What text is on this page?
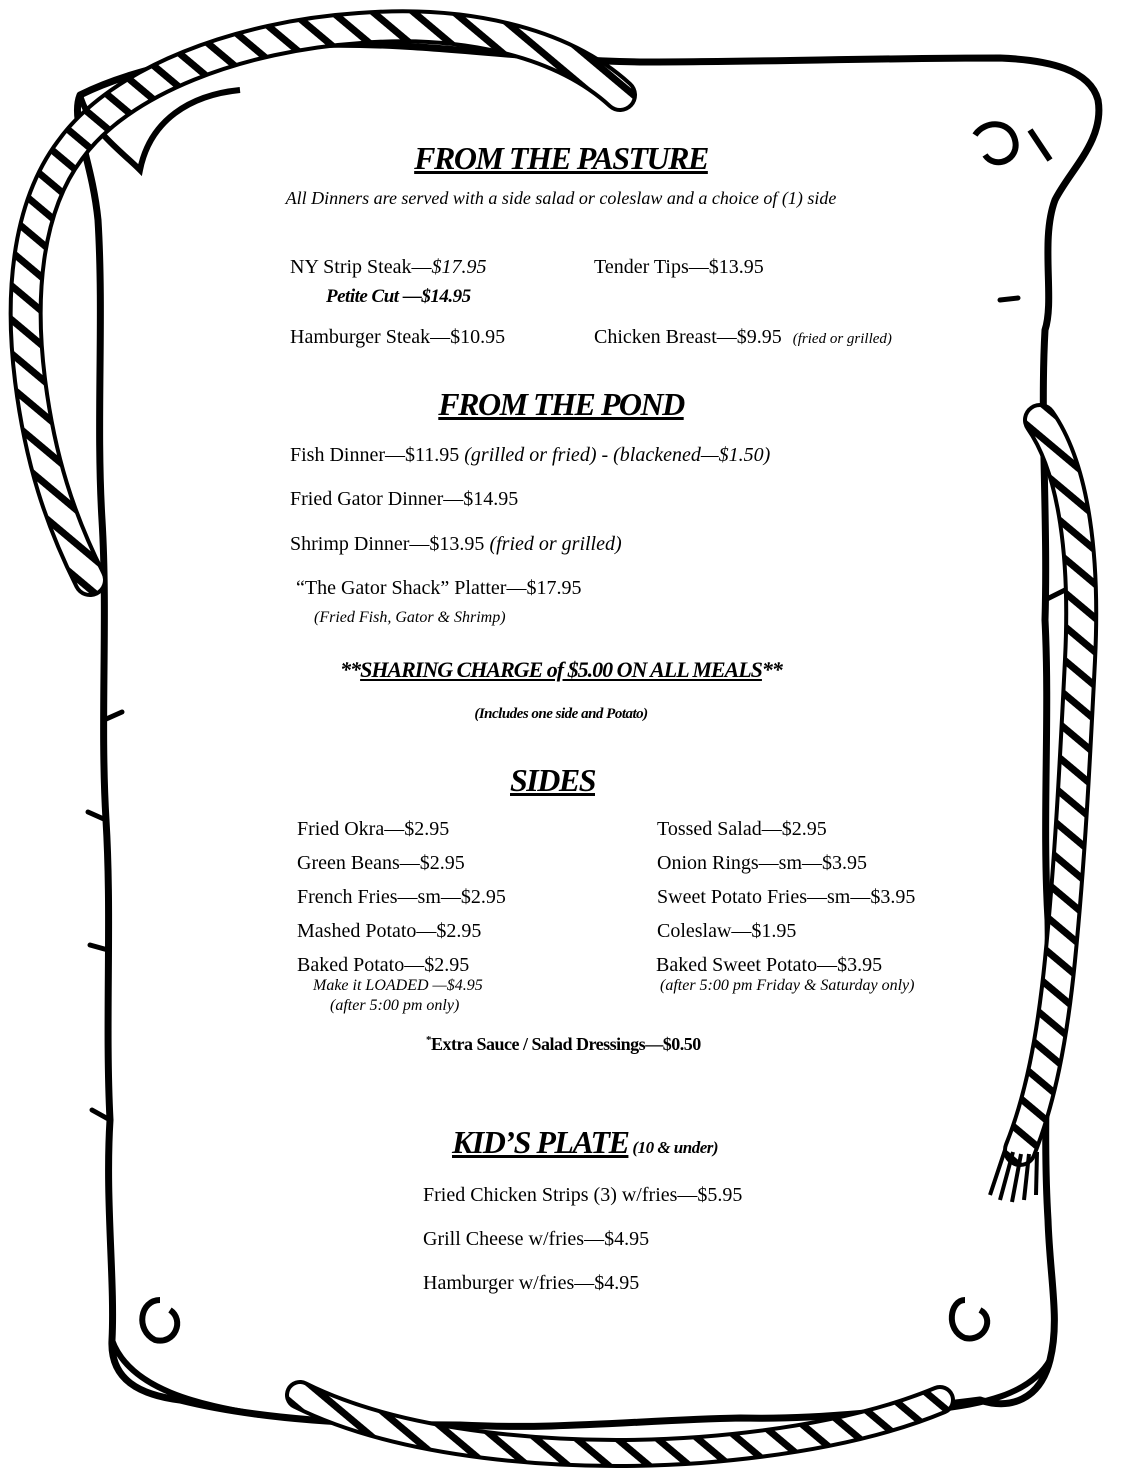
FROM THE PASTURE
All Dinners are served with a side salad or coleslaw and a choice of (1) side
NY Strip Steak—$17.95
Petite Cut —$14.95
Tender Tips—$13.95
Hamburger Steak—$10.95	Chicken Breast—$9.95 (fried or grilled)
FROM THE POND
Fish Dinner—$11.95 (grilled or fried) - (blackened—$1.50)
Fried Gator Dinner—$14.95
Shrimp Dinner—$13.95 (fried or grilled)
“The Gator Shack” Platter—$17.95
(Fried Fish, Gator & Shrimp)
**SHARING CHARGE of $5.00 ON ALL MEALS**
(Includes one side and Potato)
SIDES
Fried Okra—$2.95
Green Beans—$2.95
French Fries—sm—$2.95
Mashed Potato—$2.95
Baked Potato—$2.95
Make it LOADED —$4.95
(after 5:00 pm only)
Tossed Salad—$2.95
Onion Rings—sm—$3.95
Sweet Potato Fries—sm—$3.95
Coleslaw—$1.95
Baked Sweet Potato—$3.95
(after 5:00 pm Friday & Saturday only)
*Extra Sauce / Salad Dressings—$0.50
KID’S PLATE (10 & under)
Fried Chicken Strips (3) w/fries—$5.95
Grill Cheese w/fries—$4.95
Hamburger w/fries—$4.95
